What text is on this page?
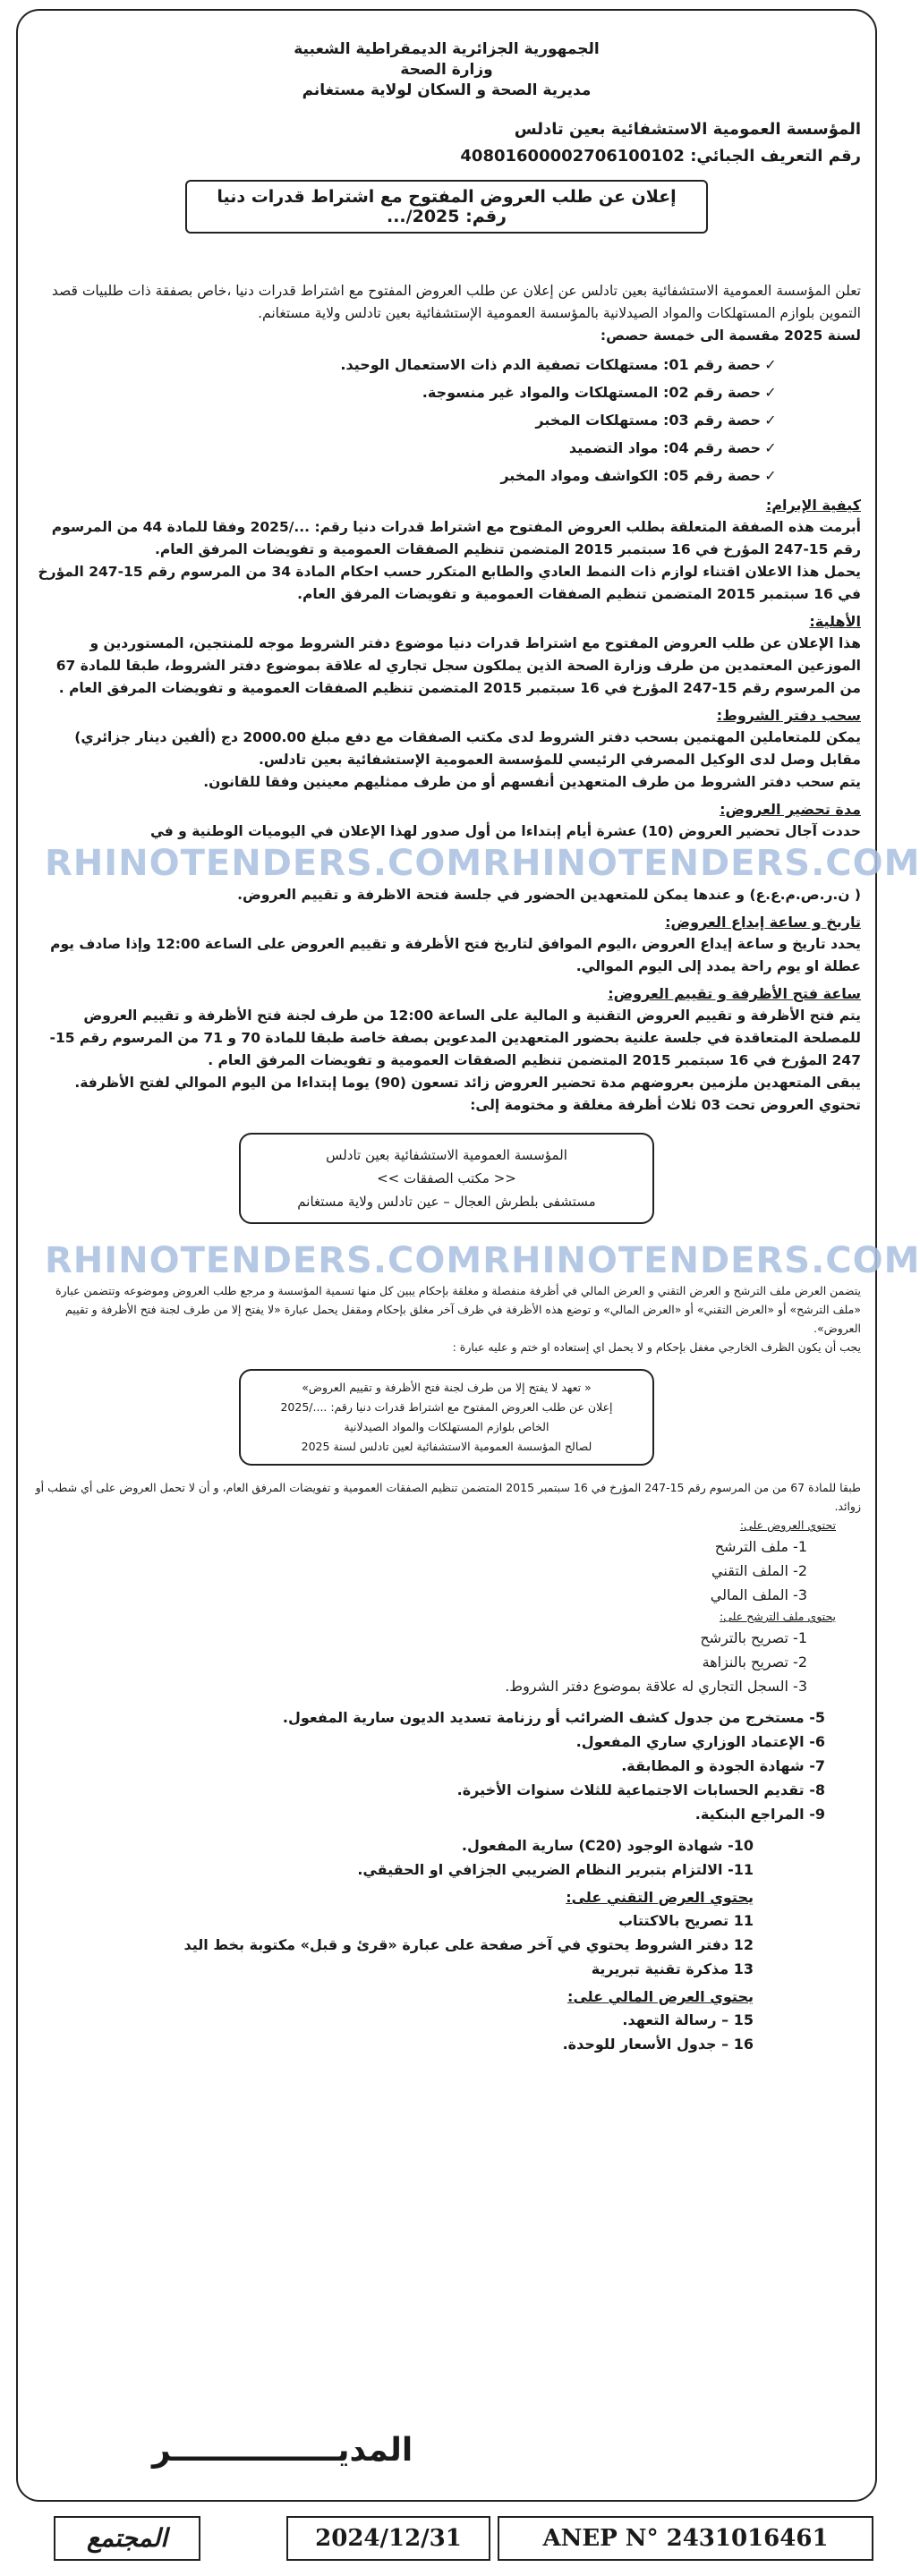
الجمهورية الجزائرية الديمقراطية الشعبية
وزارة الصحة
مديرية الصحة و السكان لولاية مستغانم
المؤسسة العمومية الاستشفائية بعين تادلس
رقم التعريف الجبائي: 408016000027061001​02
إعلان عن طلب العروض المفتوح مع اشتراط قدرات دنيا رقم: 2025/...

تعلن المؤسسة العمومية الاستشفائية بعين تادلس عن إعلان عن طلب العروض المفتوح مع اشتراط قدرات دنيا ،خاص بصفقة ذات طلبيات قصد التموين بلوازم المستهلكات والمواد الصيدلانية بالمؤسسة العمومية الإستشفائية بعين تادلس ولاية مستغانم.

لسنة 2025 مقسمة الى خمسة حصص:

✓حصة رقم 01: مستهلكات تصفية الدم ذات الاستعمال الوحيد.
✓حصة رقم 02: المستهلكات والمواد غير منسوجة.
✓حصة رقم 03: مستهلكات المخبر
✓حصة رقم 04: مواد التضميد
✓حصة رقم 05: الكواشف ومواد المخبر
كيفية الإبرام:

أبرمت هذه الصفقة المتعلقة بطلب العروض المفتوح مع اشتراط قدرات دنيا رقم: .../2025 وفقا للمادة 44 من المرسوم رقم 15-247 المؤرخ في 16 سبتمبر 2015 المتضمن تنظيم الصفقات العمومية و تفويضات المرفق العام.

يحمل هذا الاعلان اقتناء لوازم ذات النمط العادي والطابع المتكرر حسب احكام المادة 34 من المرسوم رقم 15-247 المؤرخ في 16 سبتمبر 2015 المتضمن تنظيم الصفقات العمومية و تفويضات المرفق العام.

الأهلية:

هذا الإعلان عن طلب العروض المفتوح مع اشتراط قدرات دنيا موضوع دفتر الشروط موجه للمنتجين، المستوردين و الموزعين المعتمدين من طرف وزارة الصحة الذين يملكون سجل تجاري له علاقة بموضوع دفتر الشروط، طبقا للمادة 67 من المرسوم رقم 15-247 المؤرخ في 16 سبتمبر 2015 المتضمن تنظيم الصفقات العمومية و تفويضات المرفق العام .

سحب دفتر الشروط:

يمكن للمتعاملين المهتمين بسحب دفتر الشروط لدى مكتب الصفقات مع دفع مبلغ 2000.00 دج (ألفين دينار جزائري) مقابل وصل لدى الوكيل المصرفي الرئيسي للمؤسسة العمومية الإستشفائية بعين تادلس.

يتم سحب دفتر الشروط من طرف المتعهدين أنفسهم أو من طرف ممثليهم معينين وفقا للقانون.

مدة تحضير العروض:

حددت آجال تحضير العروض (10) عشرة أيام إبتداءا من أول صدور لهذا الإعلان في اليوميات الوطنية و في

RHINOTENDERS.COM RHINOTENDERS.COM

( ن.ر.ص.م.ع.ع) و عندها يمكن للمتعهدين الحضور في جلسة فتحة الاظرفة و تقييم العروض.

تاريخ و ساعة إيداع العروض:

يحدد تاريخ و ساعة إيداع العروض ،اليوم الموافق لتاريخ فتح الأظرفة و تقييم العروض على الساعة 12:00 وإذا صادف يوم عطلة او يوم راحة يمدد إلى اليوم الموالي.

ساعة فتح الأظرفة و تقييم العروض:

يتم فتح الأظرفة و تقييم العروض التقنية و المالية على الساعة 12:00 من طرف لجنة فتح الأظرفة و تقييم العروض للمصلحة المتعاقدة في جلسة علنية بحضور المتعهدين المدعوين بصفة خاصة طبقا للمادة 70 و 71 من المرسوم رقم 15-247 المؤرخ في 16 سبتمبر 2015 المتضمن تنظيم الصفقات العمومية و تفويضات المرفق العام .

يبقى المتعهدين ملزمين بعروضهم مدة تحضير العروض زائد تسعون (90) يوما إبتداءا من اليوم الموالي لفتح الأظرفة.

تحتوي العروض تحت 03 ثلاث أظرفة مغلقة و مختومة إلى:

المؤسسة العمومية الاستشفائية بعين تادلس
<< مكتب الصفقات >>
مستشفى بلطرش العجال – عين تادلس ولاية مستغانم
RHINOTENDERS.COM RHINOTENDERS.COM

يتضمن العرض ملف الترشح و العرض التقني و العرض المالي في أظرفة منفصلة و مغلقة بإحكام يبين كل منها تسمية المؤسسة و مرجع طلب العروض وموضوعه وتتضمن عبارة «ملف الترشح» أو «العرض التقني» أو «العرض المالي» و توضع هذه الأظرفة في ظرف آخر مغلق بإحكام ومقفل يحمل عبارة «لا يفتح إلا من طرف لجنة فتح الأظرفة و تقييم العروض».

يجب أن يكون الظرف الخارجي مغفل بإحكام و لا يحمل اي إستعاده او ختم و عليه عبارة :

« تعهد لا يفتح إلا من طرف لجنة فتح الأظرفة و تقييم العروض»
إعلان عن طلب العروض المفتوح مع اشتراط قدرات دنيا رقم: ..../2025
الخاص بلوازم المستهلكات والمواد الصيدلانية
لصالح المؤسسة العمومية الاستشفائية لعين تادلس لسنة 2025

طبقا للمادة 67 من من المرسوم رقم 15-247 المؤرخ في 16 سبتمبر 2015 المتضمن تنظيم الصفقات العمومية و تفويضات المرفق العام، و أن لا تحمل العروض على أي شطب أو زوائد.

تحتوي العروض على:
1- ملف الترشح
2- الملف التقني
3- الملف المالي
يحتوي ملف الترشح على:
1- تصريح بالترشح
2- تصريح بالنزاهة
3- السجل التجاري له علاقة بموضوع دفتر الشروط.
5- مستخرج من جدول كشف الضرائب أو رزنامة تسديد الديون سارية المفعول.
6- الإعتماد الوزاري ساري المفعول.
7- شهادة الجودة و المطابقة.
8- تقديم الحسابات الاجتماعية للثلاث سنوات الأخيرة.
9- المراجع البنكية.
10- شهادة الوجود (C20) سارية المفعول.
11- الالتزام بتبرير النظام الضريبي الجزافي او الحقيقي.
يحتوي العرض التقني على:
11 تصريح بالاكتتاب
12 دفتر الشروط يحتوي في آخر صفحة على عبارة «قرئ و قبل» مكتوبة بخط اليد
13 مذكرة تقنية تبريرية
يحتوي العرض المالي على:
15 – رسالة التعهد.
16 – جدول الأسعار للوحدة.
المديـــــــــــــــر
المجتمع	2024/12/31	ANEP N° 2431016461
